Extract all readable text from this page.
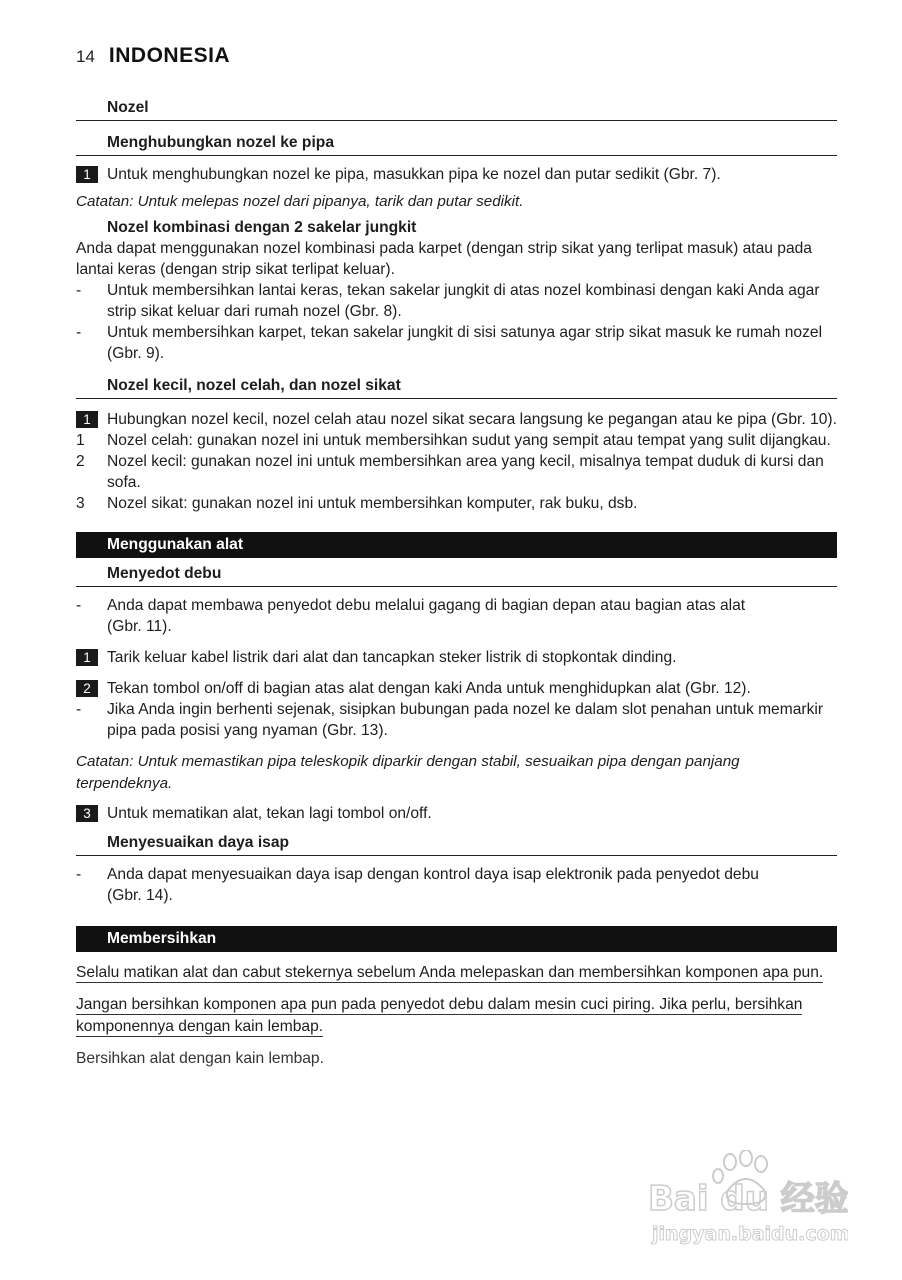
14 INDONESIA
Nozel
Menghubungkan nozel ke pipa
1	Untuk menghubungkan nozel ke pipa, masukkan pipa ke nozel dan putar sedikit (Gbr. 7).
Catatan: Untuk melepas nozel dari pipanya, tarik dan putar sedikit.
Nozel kombinasi dengan 2 sakelar jungkit
Anda dapat menggunakan nozel kombinasi pada karpet (dengan strip sikat yang terlipat masuk) atau pada lantai keras (dengan strip sikat terlipat keluar).
-	Untuk membersihkan lantai keras, tekan sakelar jungkit di atas nozel kombinasi dengan kaki Anda agar strip sikat keluar dari rumah nozel (Gbr. 8).
-	Untuk membersihkan karpet, tekan sakelar jungkit di sisi satunya agar strip sikat masuk ke rumah nozel (Gbr. 9).
Nozel kecil, nozel celah, dan nozel sikat
1	Hubungkan nozel kecil, nozel celah atau nozel sikat secara langsung ke pegangan atau ke pipa (Gbr. 10).
1	Nozel celah: gunakan nozel ini untuk membersihkan sudut yang sempit atau tempat yang sulit dijangkau.
2	Nozel kecil: gunakan nozel ini untuk membersihkan area yang kecil, misalnya tempat duduk di kursi dan sofa.
3	Nozel sikat: gunakan nozel ini untuk membersihkan komputer, rak buku, dsb.
Menggunakan alat
Menyedot debu
-	Anda dapat membawa penyedot debu melalui gagang di bagian depan atau bagian atas alat (Gbr. 11).
1	Tarik keluar kabel listrik dari alat dan tancapkan steker listrik di stopkontak dinding.
2	Tekan tombol on/off di bagian atas alat dengan kaki Anda untuk menghidupkan alat (Gbr. 12).
-	Jika Anda ingin berhenti sejenak, sisipkan bubungan pada nozel ke dalam slot penahan untuk memarkir pipa pada posisi yang nyaman (Gbr. 13).
Catatan: Untuk memastikan pipa teleskopik diparkir dengan stabil, sesuaikan pipa dengan panjang terpendeknya.
3	Untuk mematikan alat, tekan lagi tombol on/off.
Menyesuaikan daya isap
-	Anda dapat menyesuaikan daya isap dengan kontrol daya isap elektronik pada penyedot debu (Gbr. 14).
Membersihkan
Selalu matikan alat dan cabut stekernya sebelum Anda melepaskan dan membersihkan komponen apa pun.
Jangan bersihkan komponen apa pun pada penyedot debu dalam mesin cuci piring. Jika perlu, bersihkan komponennya dengan kain lembap.
Bersihkan alat dengan kain lembap.
Bai du 经验
jingyan.baidu.com
